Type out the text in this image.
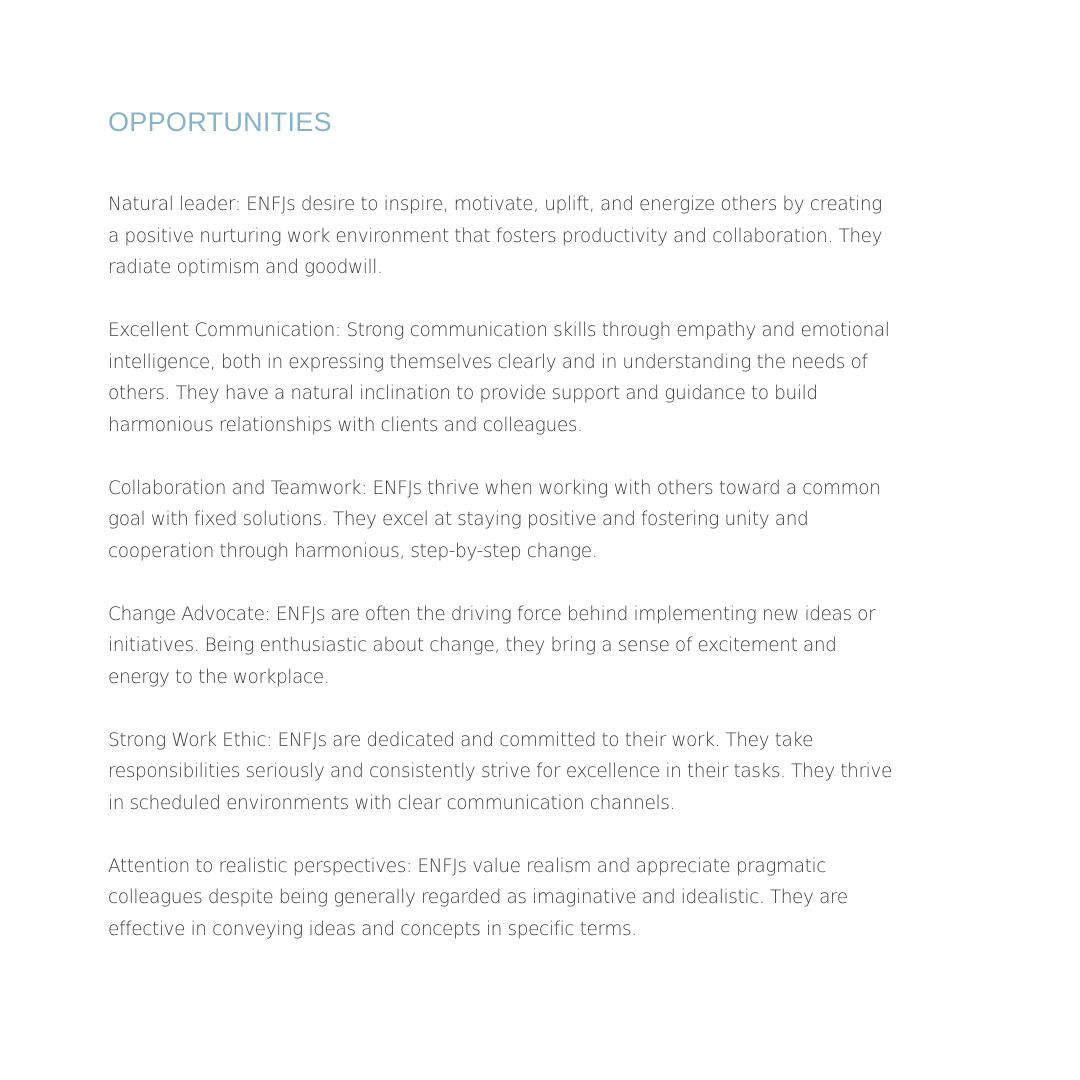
OPPORTUNITIES

Natural leader: ENFJs desire to inspire, motivate, uplift, and energize others by creating a positive nurturing work environment that fosters productivity and collaboration. They radiate optimism and goodwill.

Excellent Communication: Strong communication skills through empathy and emotional intelligence, both in expressing themselves clearly and in understanding the needs of others. They have a natural inclination to provide support and guidance to build harmonious relationships with clients and colleagues.

Collaboration and Teamwork: ENFJs thrive when working with others toward a common goal with fixed solutions. They excel at staying positive and fostering unity and cooperation through harmonious, step-by-step change.

Change Advocate: ENFJs are often the driving force behind implementing new ideas or initiatives. Being enthusiastic about change, they bring a sense of excitement and energy to the workplace.

Strong Work Ethic: ENFJs are dedicated and committed to their work. They take responsibilities seriously and consistently strive for excellence in their tasks. They thrive in scheduled environments with clear communication channels.

Attention to realistic perspectives: ENFJs value realism and appreciate pragmatic colleagues despite being generally regarded as imaginative and idealistic. They are effective in conveying ideas and concepts in specific terms.
